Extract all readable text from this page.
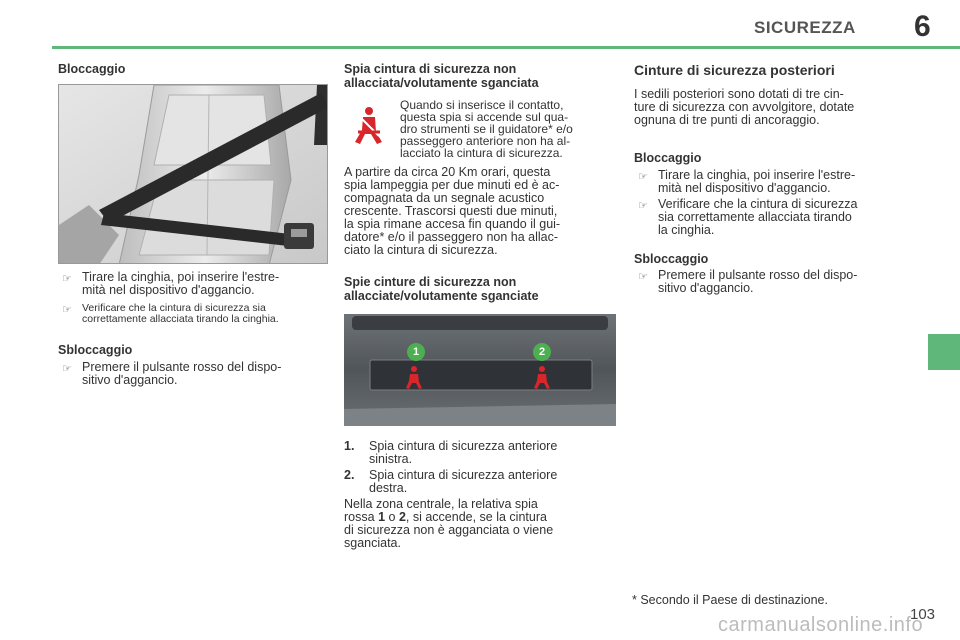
SICUREZZA 6
Bloccaggio
☞ Tirare la cinghia, poi inserire l'estre-
mità nel dispositivo d'aggancio.
☞ Verificare che la cintura di sicurezza sia
correttamente allacciata tirando la cinghia.
Sbloccaggio
☞ Premere il pulsante rosso del dispo-
sitivo d'aggancio.
Spia cintura di sicurezza non
allacciata/volutamente sganciata
Quando si inserisce il contatto,
questa spia si accende sul qua-
dro strumenti se il guidatore* e/o
passeggero anteriore non ha al-
lacciato la cintura di sicurezza.
A partire da circa 20 Km orari, questa
spia lampeggia per due minuti ed è ac-
compagnata da un segnale acustico
crescente. Trascorsi questi due minuti,
la spia rimane accesa fin quando il gui-
datore* e/o il passeggero non ha allac-
ciato la cintura di sicurezza.
Spie cinture di sicurezza non
allacciate/volutamente sganciate
1	2
1. Spia cintura di sicurezza anteriore
sinistra.
2. Spia cintura di sicurezza anteriore
destra.
Nella zona centrale, la relativa spia
rossa 1 o 2, si accende, se la cintura
di sicurezza non è agganciata o viene
sganciata.
Cinture di sicurezza posteriori
I sedili posteriori sono dotati di tre cin-
ture di sicurezza con avvolgitore, dotate
ognuna di tre punti di ancoraggio.
Bloccaggio
☞ Tirare la cinghia, poi inserire l'estre-
mità nel dispositivo d'aggancio.
☞ Verificare che la cintura di sicurezza
sia correttamente allacciata tirando
la cinghia.
Sbloccaggio
☞ Premere il pulsante rosso del dispo-
sitivo d'aggancio.
* Secondo il Paese di destinazione.
103
carmanualsonline.info
